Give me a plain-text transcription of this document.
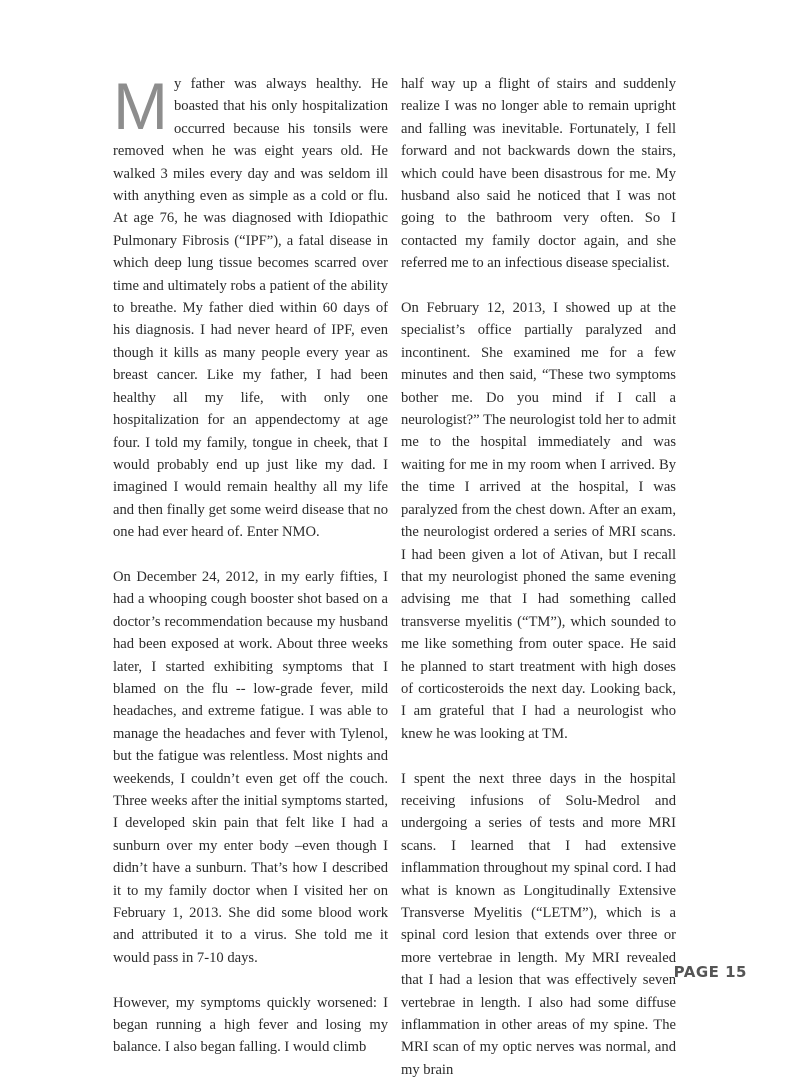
My father was always healthy. He boasted that his only hospitalization occurred because his tonsils were removed when he was eight years old. He walked 3 miles every day and was seldom ill with anything even as simple as a cold or flu. At age 76, he was diagnosed with Idiopathic Pulmonary Fibrosis (“IPF”), a fatal disease in which deep lung tissue becomes scarred over time and ultimately robs a patient of the ability to breathe. My father died within 60 days of his diagnosis. I had never heard of IPF, even though it kills as many people every year as breast cancer. Like my father, I had been healthy all my life, with only one hospitalization for an appendectomy at age four. I told my family, tongue in cheek, that I would probably end up just like my dad. I imagined I would remain healthy all my life and then finally get some weird disease that no one had ever heard of. Enter NMO.

On December 24, 2012, in my early fifties, I had a whooping cough booster shot based on a doctor’s recommendation because my husband had been exposed at work. About three weeks later, I started exhibiting symptoms that I blamed on the flu -- low-grade fever, mild headaches, and extreme fatigue. I was able to manage the headaches and fever with Tylenol, but the fatigue was relentless. Most nights and weekends, I couldn’t even get off the couch. Three weeks after the initial symptoms started, I developed skin pain that felt like I had a sunburn over my enter body –even though I didn’t have a sunburn. That’s how I described it to my family doctor when I visited her on February 1, 2013. She did some blood work and attributed it to a virus. She told me it would pass in 7-10 days.

However, my symptoms quickly worsened: I began running a high fever and losing my balance. I also began falling. I would climb

half way up a flight of stairs and suddenly realize I was no longer able to remain upright and falling was inevitable. Fortunately, I fell forward and not backwards down the stairs, which could have been disastrous for me. My husband also said he noticed that I was not going to the bathroom very often. So I contacted my family doctor again, and she referred me to an infectious disease specialist.

On February 12, 2013, I showed up at the specialist’s office partially paralyzed and incontinent. She examined me for a few minutes and then said, “These two symptoms bother me. Do you mind if I call a neurologist?” The neurologist told her to admit me to the hospital immediately and was waiting for me in my room when I arrived. By the time I arrived at the hospital, I was paralyzed from the chest down. After an exam, the neurologist ordered a series of MRI scans. I had been given a lot of Ativan, but I recall that my neurologist phoned the same evening advising me that I had something called transverse myelitis (“TM”), which sounded to me like something from outer space. He said he planned to start treatment with high doses of corticosteroids the next day. Looking back, I am grateful that I had a neurologist who knew he was looking at TM.

I spent the next three days in the hospital receiving infusions of Solu-Medrol and undergoing a series of tests and more MRI scans. I learned that I had extensive inflammation throughout my spinal cord. I had what is known as Longitudinally Extensive Transverse Myelitis (“LETM”), which is a spinal cord lesion that extends over three or more vertebrae in length. My MRI revealed that I had a lesion that was effectively seven vertebrae in length. I also had some diffuse inflammation in other areas of my spine. The MRI scan of my optic nerves was normal, and my brain

PAGE 15
